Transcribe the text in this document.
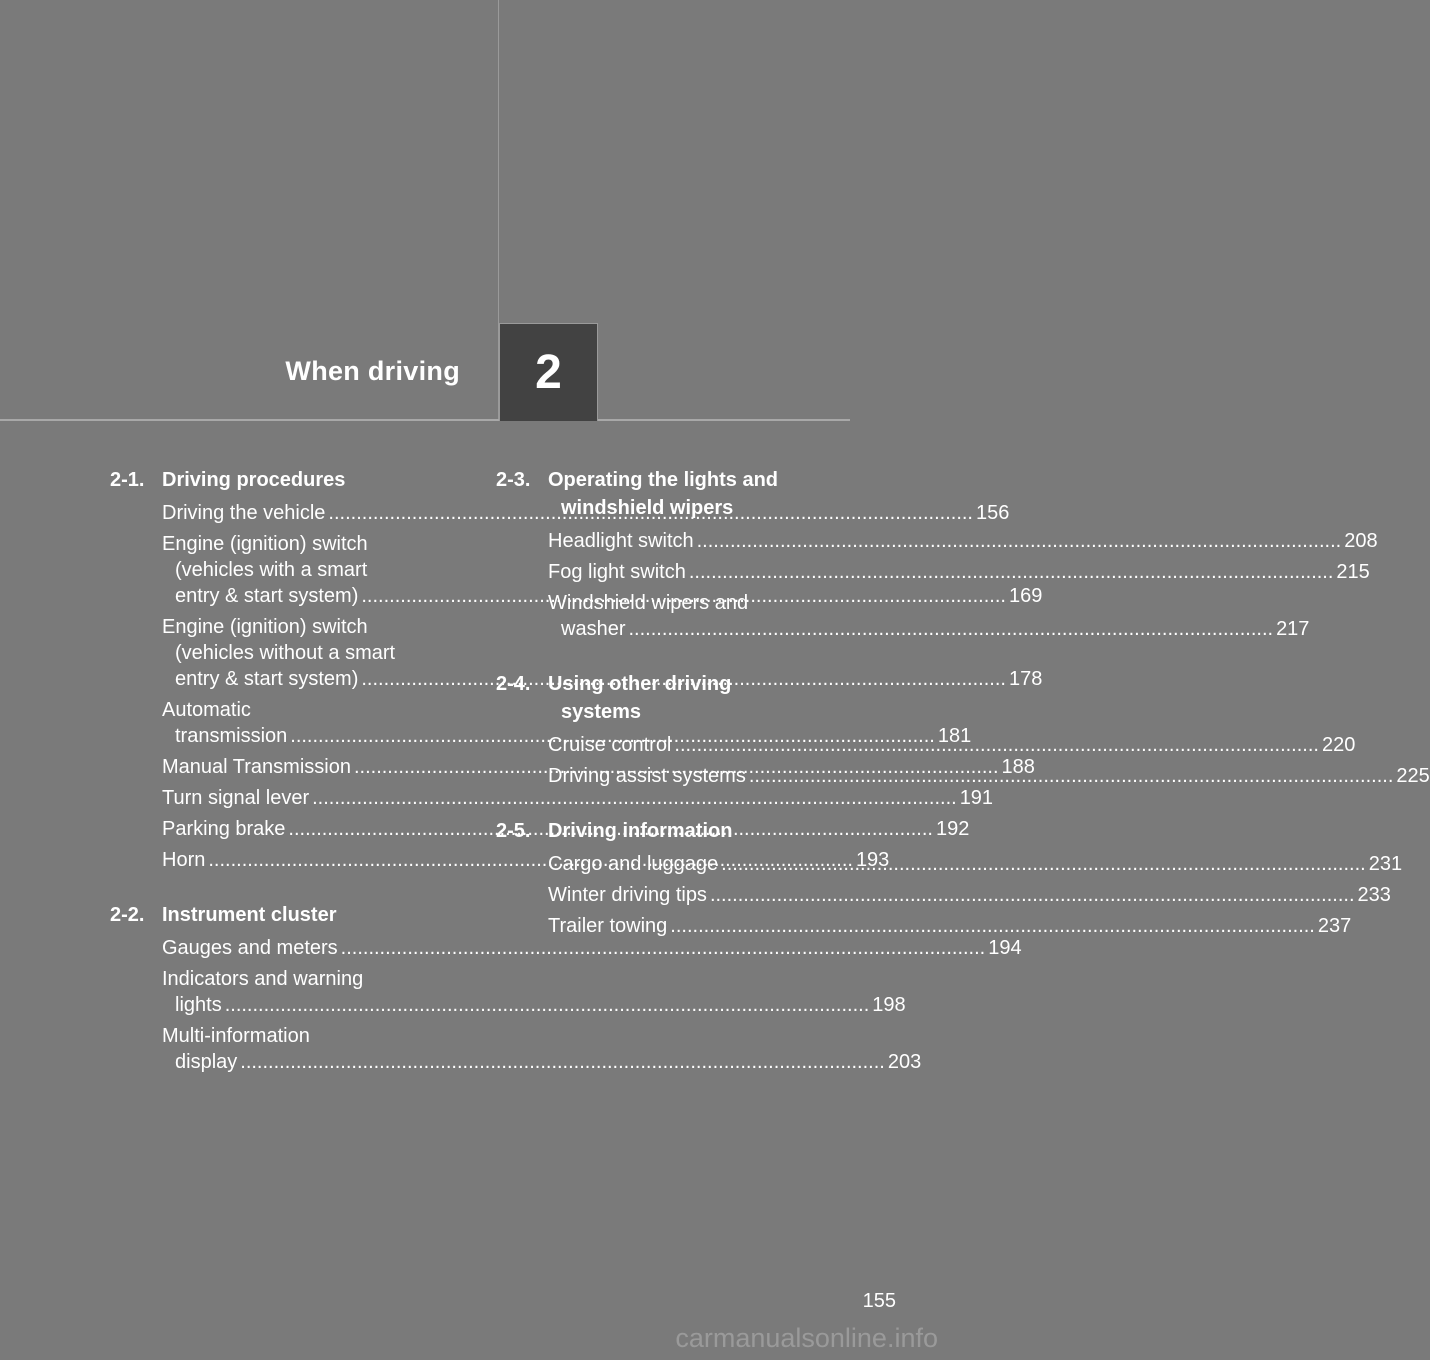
When driving 2
2-1. Driving procedures
Driving the vehicle .....	156
Engine (ignition) switch
(vehicles with a smart
entry & start system) .....	169
Engine (ignition) switch
(vehicles without a smart
entry & start system) .....	178
Automatic
transmission .....	181
Manual Transmission .....	188
Turn signal lever .....	191
Parking brake .....	192
Horn .....	193
2-2. Instrument cluster
Gauges and meters .....	194
Indicators and warning
lights .....	198
Multi-information
display .....	203
2-3. Operating the lights and
windshield wipers
Headlight switch .....	208
Fog light switch .....	215
Windshield wipers and
washer .....	217
2-4. Using other driving
systems
Cruise control .....	220
Driving assist systems .....	225
2-5. Driving information
Cargo and luggage .....	231
Winter driving tips .....	233
Trailer towing .....	237
155
carmanualsonline.info
